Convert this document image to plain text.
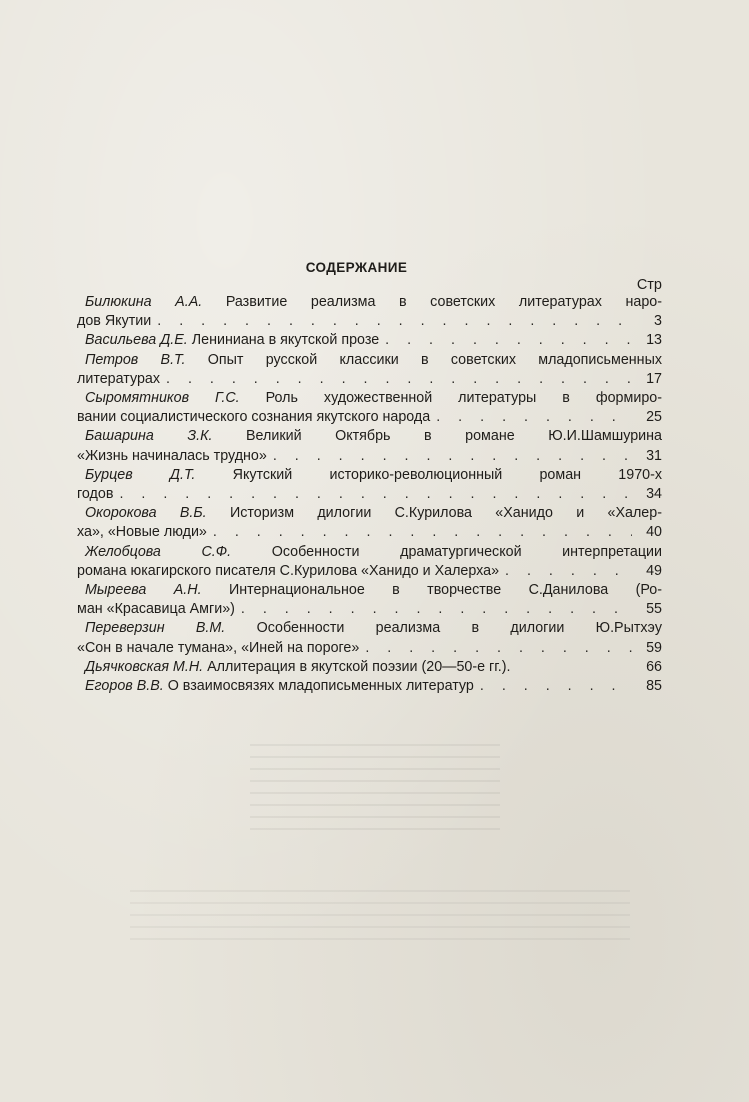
СОДЕРЖАНИЕ
Стр
Билюкина А.А. Развитие реализма в советских литературах наро-
дов Якутии . . .	3
Васильева Д.Е. Лениниана в якутской прозе . . .	13
Петров В.Т. Опыт русской классики в советских младописьменных
литературах . . .	17
Сыромятников Г.С. Роль художественной литературы в формиро-
вании социалистического сознания якутского народа . . .	25
Башарина З.К. Великий Октябрь в романе Ю.И.Шамшурина
«Жизнь начиналась трудно» . . .	31
Бурцев Д.Т.	Якутский историко-революционный роман 1970-х
годов . . .	34
Окорокова В.Б. Историзм дилогии С.Курилова «Ханидо и «Халер-
ха», «Новые люди» . . .	40
Желобцова С.Ф.	Особенности драматургической интерпретации
романа юкагирского писателя С.Курилова «Ханидо и Халерха» . . .	49
Мыреева А.Н. Интернациональное в творчестве С.Данилова (Ро-
ман «Красавица Амги») . . .	55
Переверзин В.М. Особенности реализма в дилогии Ю.Рытхэу
«Сон в начале тумана», «Иней на пороге» . . .	59
Дьячковская М.Н. Аллитерация в якутской поэзии (20—50-е гг.).	66
Егоров В.В. О взаимосвязях младописьменных литератур . . .	85
